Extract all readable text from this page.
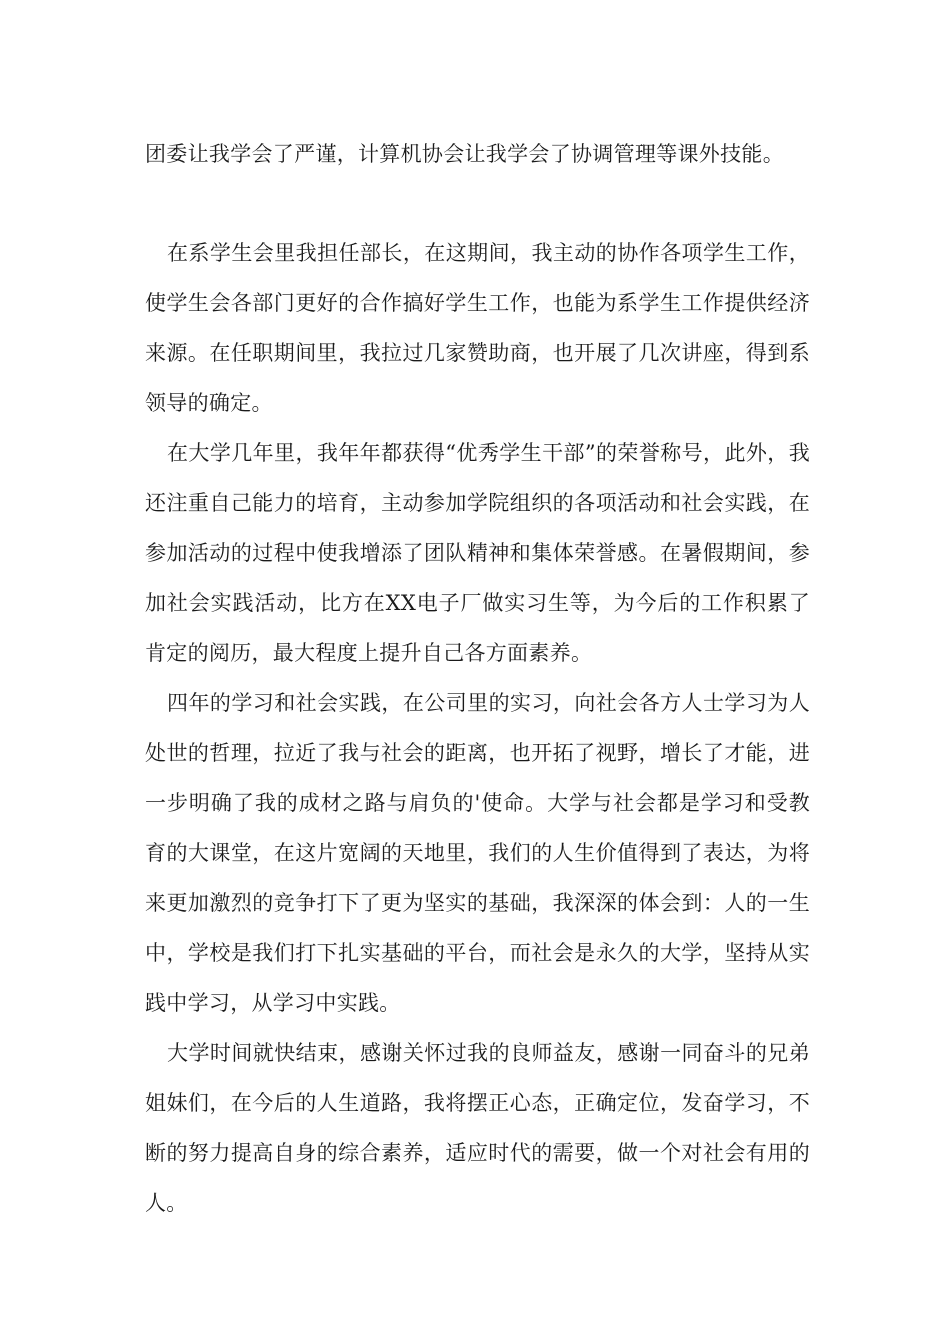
团委让我学会了严谨，计算机协会让我学会了协调管理等课外技能。

在系学生会里我担任部长，在这期间，我主动的协作各项学生工作，使学生会各部门更好的合作搞好学生工作，也能为系学生工作提供经济来源。在任职期间里，我拉过几家赞助商，也开展了几次讲座，得到系领导的确定。

在大学几年里，我年年都获得“优秀学生干部”的荣誉称号，此外，我还注重自己能力的培育，主动参加学院组织的各项活动和社会实践，在参加活动的过程中使我增添了团队精神和集体荣誉感。在暑假期间，参加社会实践活动，比方在XX电子厂做实习生等，为今后的工作积累了肯定的阅历，最大程度上提升自己各方面素养。

四年的学习和社会实践，在公司里的实习，向社会各方人士学习为人处世的哲理，拉近了我与社会的距离，也开拓了视野，增长了才能，进一步明确了我的成材之路与肩负的'使命。大学与社会都是学习和受教育的大课堂，在这片宽阔的天地里，我们的人生价值得到了表达，为将来更加激烈的竞争打下了更为坚实的基础，我深深的体会到：人的一生中，学校是我们打下扎实基础的平台，而社会是永久的大学，坚持从实践中学习，从学习中实践。

大学时间就快结束，感谢关怀过我的良师益友，感谢一同奋斗的兄弟姐妹们，在今后的人生道路，我将摆正心态，正确定位，发奋学习，不断的努力提高自身的综合素养，适应时代的需要，做一个对社会有用的人。
